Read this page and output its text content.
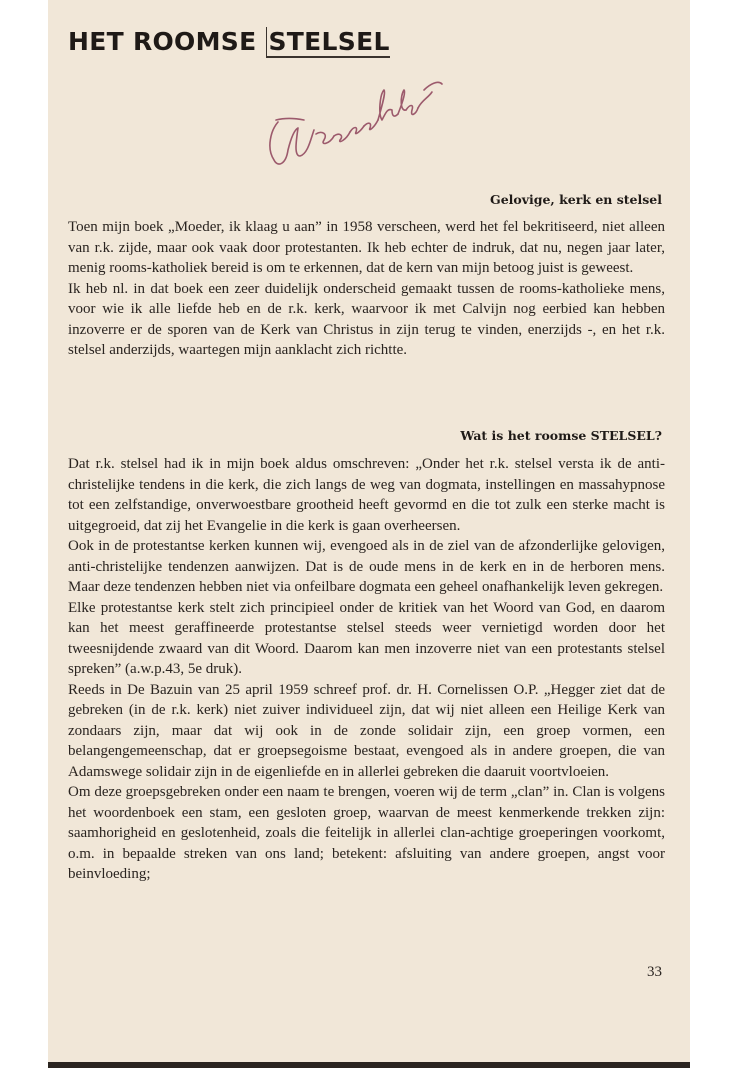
HET ROOMSE STELSEL
Gelovige, kerk en stelsel

Toen mijn boek „Moeder, ik klaag u aan” in 1958 verscheen, werd het fel bekritiseerd, niet alleen van r.k. zijde, maar ook vaak door protestanten. Ik heb echter de indruk, dat nu, negen jaar later, menig rooms-katholiek bereid is om te erkennen, dat de kern van mijn betoog juist is geweest.

Ik heb nl. in dat boek een zeer duidelijk onderscheid gemaakt tussen de rooms-katholieke mens, voor wie ik alle liefde heb en de r.k. kerk, waarvoor ik met Calvijn nog eerbied kan hebben inzoverre er de sporen van de Kerk van Christus in zijn terug te vinden, enerzijds -, en het r.k. stelsel anderzijds, waartegen mijn aanklacht zich richtte.

Wat is het roomse STELSEL?

Dat r.k. stelsel had ik in mijn boek aldus omschreven: „Onder het r.k. stelsel versta ik de anti-christelijke tendens in die kerk, die zich langs de weg van dogmata, instellingen en massahypnose tot een zelfstandige, onverwoestbare grootheid heeft gevormd en die tot zulk een sterke macht is uitgegroeid, dat zij het Evangelie in die kerk is gaan overheersen.

Ook in de protestantse kerken kunnen wij, evengoed als in de ziel van de afzonderlijke gelovigen, anti-christelijke tendenzen aanwijzen. Dat is de oude mens in de kerk en in de herboren mens. Maar deze tendenzen hebben niet via onfeilbare dogmata een geheel onafhankelijk leven gekregen.

Elke protestantse kerk stelt zich principieel onder de kritiek van het Woord van God, en daarom kan het meest geraffineerde protestantse stelsel steeds weer vernietigd worden door het tweesnijdende zwaard van dit Woord. Daarom kan men inzoverre niet van een protestants stelsel spreken” (a.w.p.43, 5e druk).

Reeds in De Bazuin van 25 april 1959 schreef prof. dr. H. Cornelissen O.P. „Hegger ziet dat de gebreken (in de r.k. kerk) niet zuiver individueel zijn, dat wij niet alleen een Heilige Kerk van zondaars zijn, maar dat wij ook in de zonde solidair zijn, een groep vormen, een belangengemeenschap, dat er groepsegoisme bestaat, evengoed als in andere groepen, die van Adamswege solidair zijn in de eigenliefde en in allerlei gebreken die daaruit voortvloeien.

Om deze groepsgebreken onder een naam te brengen, voeren wij de term „clan” in. Clan is volgens het woordenboek een stam, een gesloten groep, waarvan de meest kenmerkende trekken zijn: saamhorigheid en geslotenheid, zoals die feitelijk in allerlei clan-achtige groeperingen voorkomt, o.m. in bepaalde streken van ons land; betekent: afsluiting van andere groepen, angst voor beinvloeding;

33
